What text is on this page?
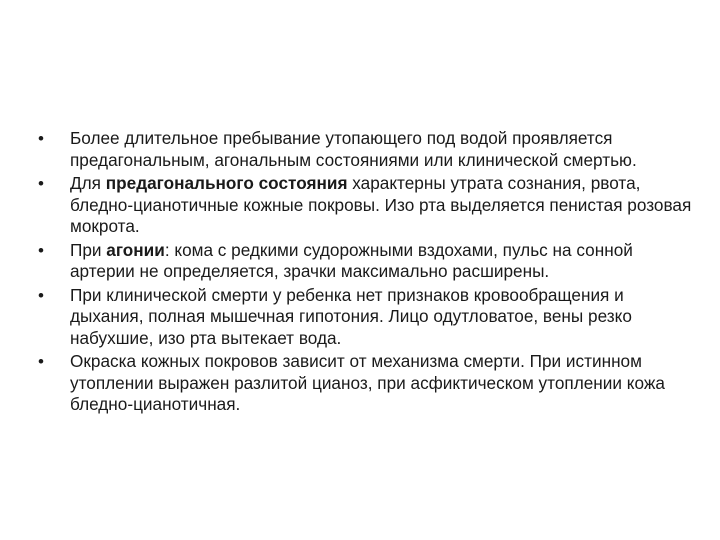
• Более длительное пребывание утопающего под водой проявляется предагональным, агональным состояниями или клинической смертью.
• Для предагонального состояния характерны утрата сознания, рвота, бледно-цианотичные кожные покровы. Изо рта выделяется пенистая розовая мокрота.
• При агонии: кома с редкими судорожными вздохами, пульс на сонной артерии не определяется, зрачки максимально расширены.
• При клинической смерти у ребенка нет признаков кровообращения и дыхания, полная мышечная гипотония. Лицо одутловатое, вены резко набухшие, изо рта вытекает вода.
• Окраска кожных покровов зависит от механизма смерти. При истинном утоплении выражен разлитой цианоз, при асфиктическом утоплении кожа бледно-цианотичная.
